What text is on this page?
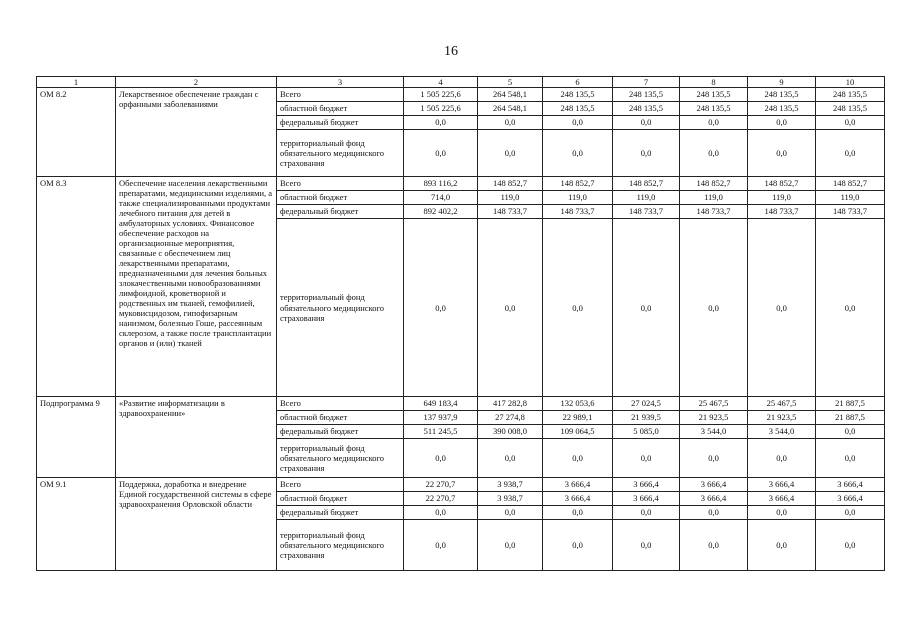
16
1	2	3	4	5	6	7	8	9	10
ОМ 8.2	Лекарственное обеспечение граждан с орфанными заболеваниями	Всего	1 505 225,6	264 548,1	248 135,5	248 135,5	248 135,5	248 135,5	248 135,5
		областной бюджет	1 505 225,6	264 548,1	248 135,5	248 135,5	248 135,5	248 135,5	248 135,5
		федеральный бюджет	0,0	0,0	0,0	0,0	0,0	0,0	0,0
		территориальный фонд обязательного медицинского страхования	0,0	0,0	0,0	0,0	0,0	0,0	0,0
ОМ 8.3	Обеспечение населения лекарственными препаратами, медицинскими изделиями, а также специализированными продуктами лечебного питания для детей в амбулаторных условиях. Финансовое обеспечение расходов на организационные мероприятия, связанные с обеспечением лиц лекарственными препаратами, предназначенными для лечения больных злокачественными новообразованиями лимфоидной, кроветворной и родственных им тканей, гемофилией, муковисцидозом, гипофизарным нанизмом, болезнью Гоше, рассеянным склерозом, а также после трансплантации органов и (или) тканей	Всего	893 116,2	148 852,7	148 852,7	148 852,7	148 852,7	148 852,7	148 852,7
		областной бюджет	714,0	119,0	119,0	119,0	119,0	119,0	119,0
		федеральный бюджет	892 402,2	148 733,7	148 733,7	148 733,7	148 733,7	148 733,7	148 733,7
		территориальный фонд обязательного медицинского страхования	0,0	0,0	0,0	0,0	0,0	0,0	0,0
Подпрограмма 9	«Развитие информатизации в здравоохранении»	Всего	649 183,4	417 282,8	132 053,6	27 024,5	25 467,5	25 467,5	21 887,5
		областной бюджет	137 937,9	27 274,8	22 989,1	21 939,5	21 923,5	21 923,5	21 887,5
		федеральный бюджет	511 245,5	390 008,0	109 064,5	5 085,0	3 544,0	3 544,0	0,0
		территориальный фонд обязательного медицинского страхования	0,0	0,0	0,0	0,0	0,0	0,0	0,0
ОМ 9.1	Поддержка, доработка и внедрение Единой государственной системы в сфере здравоохранения Орловской области	Всего	22 270,7	3 938,7	3 666,4	3 666,4	3 666,4	3 666,4	3 666,4
		областной бюджет	22 270,7	3 938,7	3 666,4	3 666,4	3 666,4	3 666,4	3 666,4
		федеральный бюджет	0,0	0,0	0,0	0,0	0,0	0,0	0,0
		территориальный фонд обязательного медицинского страхования	0,0	0,0	0,0	0,0	0,0	0,0	0,0
